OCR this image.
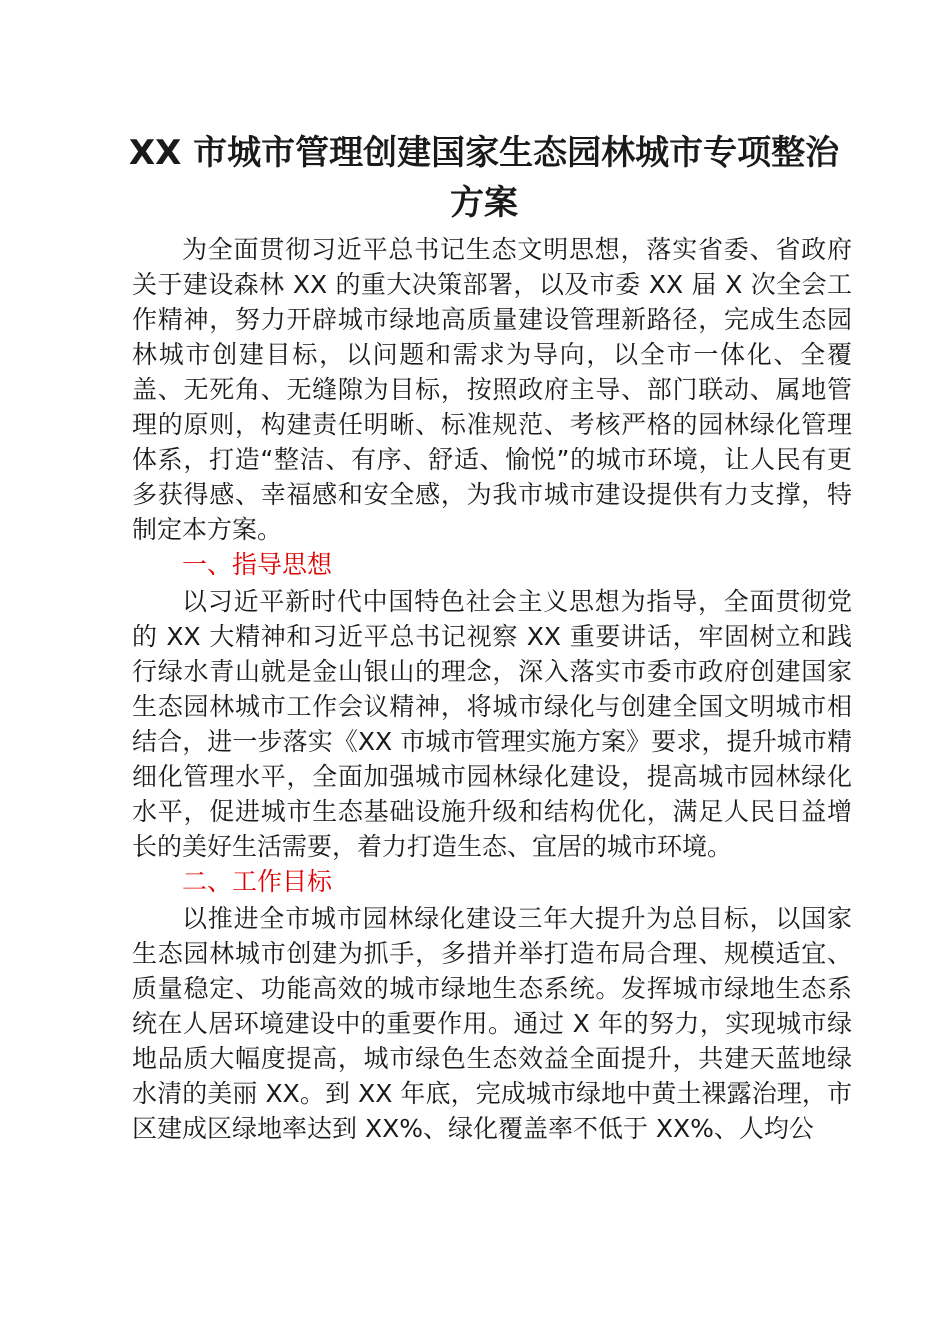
XX 市城市管理创建国家生态园林城市专项整治方案

为全面贯彻习近平总书记生态文明思想，落实省委、省政府关于建设森林 XX 的重大决策部署，以及市委 XX 届 X 次全会工作精神，努力开辟城市绿地高质量建设管理新路径，完成生态园林城市创建目标，以问题和需求为导向，以全市一体化、全覆盖、无死角、无缝隙为目标，按照政府主导、部门联动、属地管理的原则，构建责任明晰、标准规范、考核严格的园林绿化管理体系，打造“整洁、有序、舒适、愉悦”的城市环境，让人民有更多获得感、幸福感和安全感，为我市城市建设提供有力支撑，特制定本方案。

一、指导思想

以习近平新时代中国特色社会主义思想为指导，全面贯彻党的 XX 大精神和习近平总书记视察 XX 重要讲话，牢固树立和践行绿水青山就是金山银山的理念，深入落实市委市政府创建国家生态园林城市工作会议精神，将城市绿化与创建全国文明城市相结合，进一步落实《XX 市城市管理实施方案》要求，提升城市精细化管理水平，全面加强城市园林绿化建设，提高城市园林绿化水平，促进城市生态基础设施升级和结构优化，满足人民日益增长的美好生活需要，着力打造生态、宜居的城市环境。

二、工作目标

以推进全市城市园林绿化建设三年大提升为总目标，以国家生态园林城市创建为抓手，多措并举打造布局合理、规模适宜、质量稳定、功能高效的城市绿地生态系统。发挥城市绿地生态系统在人居环境建设中的重要作用。通过 X 年的努力，实现城市绿地品质大幅度提高，城市绿色生态效益全面提升，共建天蓝地绿水清的美丽 XX。到 XX 年底，完成城市绿地中黄土裸露治理，市区建成区绿地率达到 XX%、绿化覆盖率不低于 XX%、人均公
